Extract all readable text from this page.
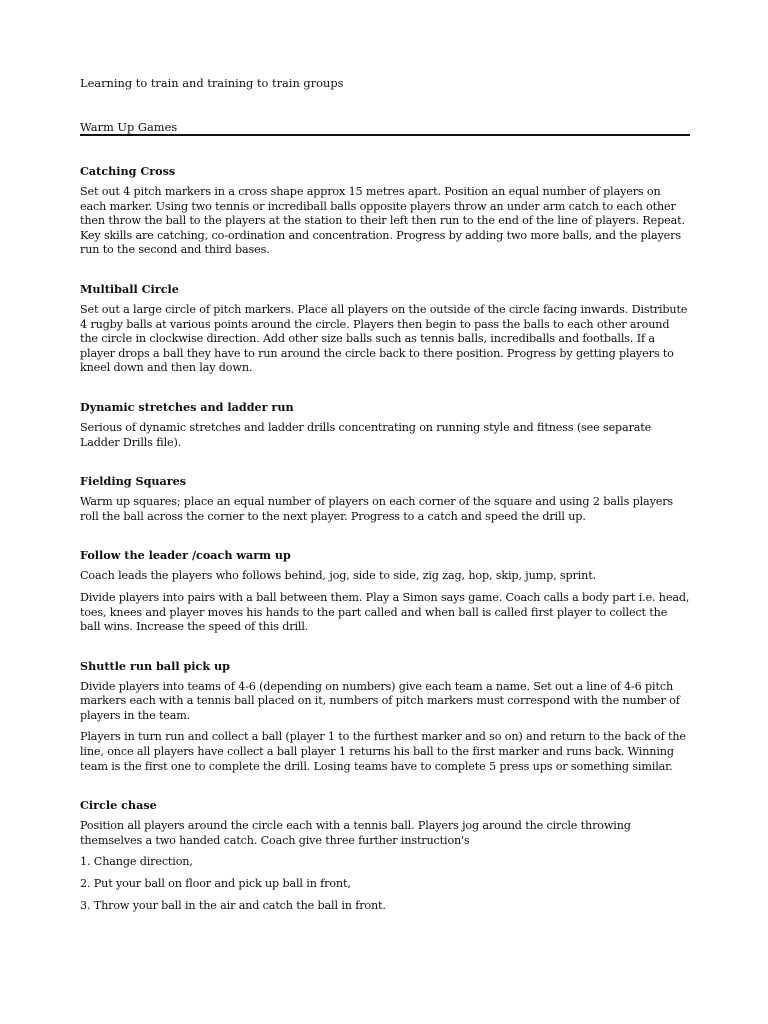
Learning to train and training to train groups
Warm Up Games
Catching Cross

Set out 4 pitch markers in a cross shape approx 15 metres apart. Position an equal number of players on each marker. Using two tennis or incrediball balls opposite players throw an under arm catch to each other then throw the ball to the players at the station to their left then run to the end of the line of players. Repeat. Key skills are catching, co-ordination and concentration. Progress by adding two more balls, and the players run to the second and third bases.

Multiball Circle

Set out a large circle of pitch markers. Place all players on the outside of the circle facing inwards. Distribute 4 rugby balls at various points around the circle. Players then begin to pass the balls to each other around the circle in clockwise direction. Add other size balls such as tennis balls, incrediballs and footballs. If a player drops a ball they have to run around the circle back to there position. Progress by getting players to kneel down and then lay down.

Dynamic stretches and ladder run

Serious of dynamic stretches and ladder drills concentrating on running style and fitness (see separate Ladder Drills file).

Fielding Squares

Warm up squares; place an equal number of players on each corner of the square and using 2 balls players roll the ball across the corner to the next player. Progress to a catch and speed the drill up.

Follow the leader /coach warm up

Coach leads the players who follows behind, jog, side to side, zig zag, hop, skip, jump, sprint.

Divide players into pairs with a ball between them. Play a Simon says game. Coach calls a body part i.e. head, toes, knees and player moves his hands to the part called and when ball is called first player to collect the ball wins. Increase the speed of this drill.

Shuttle run ball pick up

Divide players into teams of 4-6 (depending on numbers) give each team a name. Set out a line of 4-6 pitch markers each with a tennis ball placed on it, numbers of pitch markers must correspond with the number of players in the team.

Players in turn run and collect a ball (player 1 to the furthest marker and so on) and return to the back of the line, once all players have collect a ball player 1 returns his ball to the first marker and runs back. Winning team is the first one to complete the drill. Losing teams have to complete 5 press ups or something similar.

Circle chase

Position all players around the circle each with a tennis ball. Players jog around the circle throwing themselves a two handed catch. Coach give three further instruction's

1. Change direction,

2. Put your ball on floor and pick up ball in front,

3. Throw your ball in the air and catch the ball in front.
